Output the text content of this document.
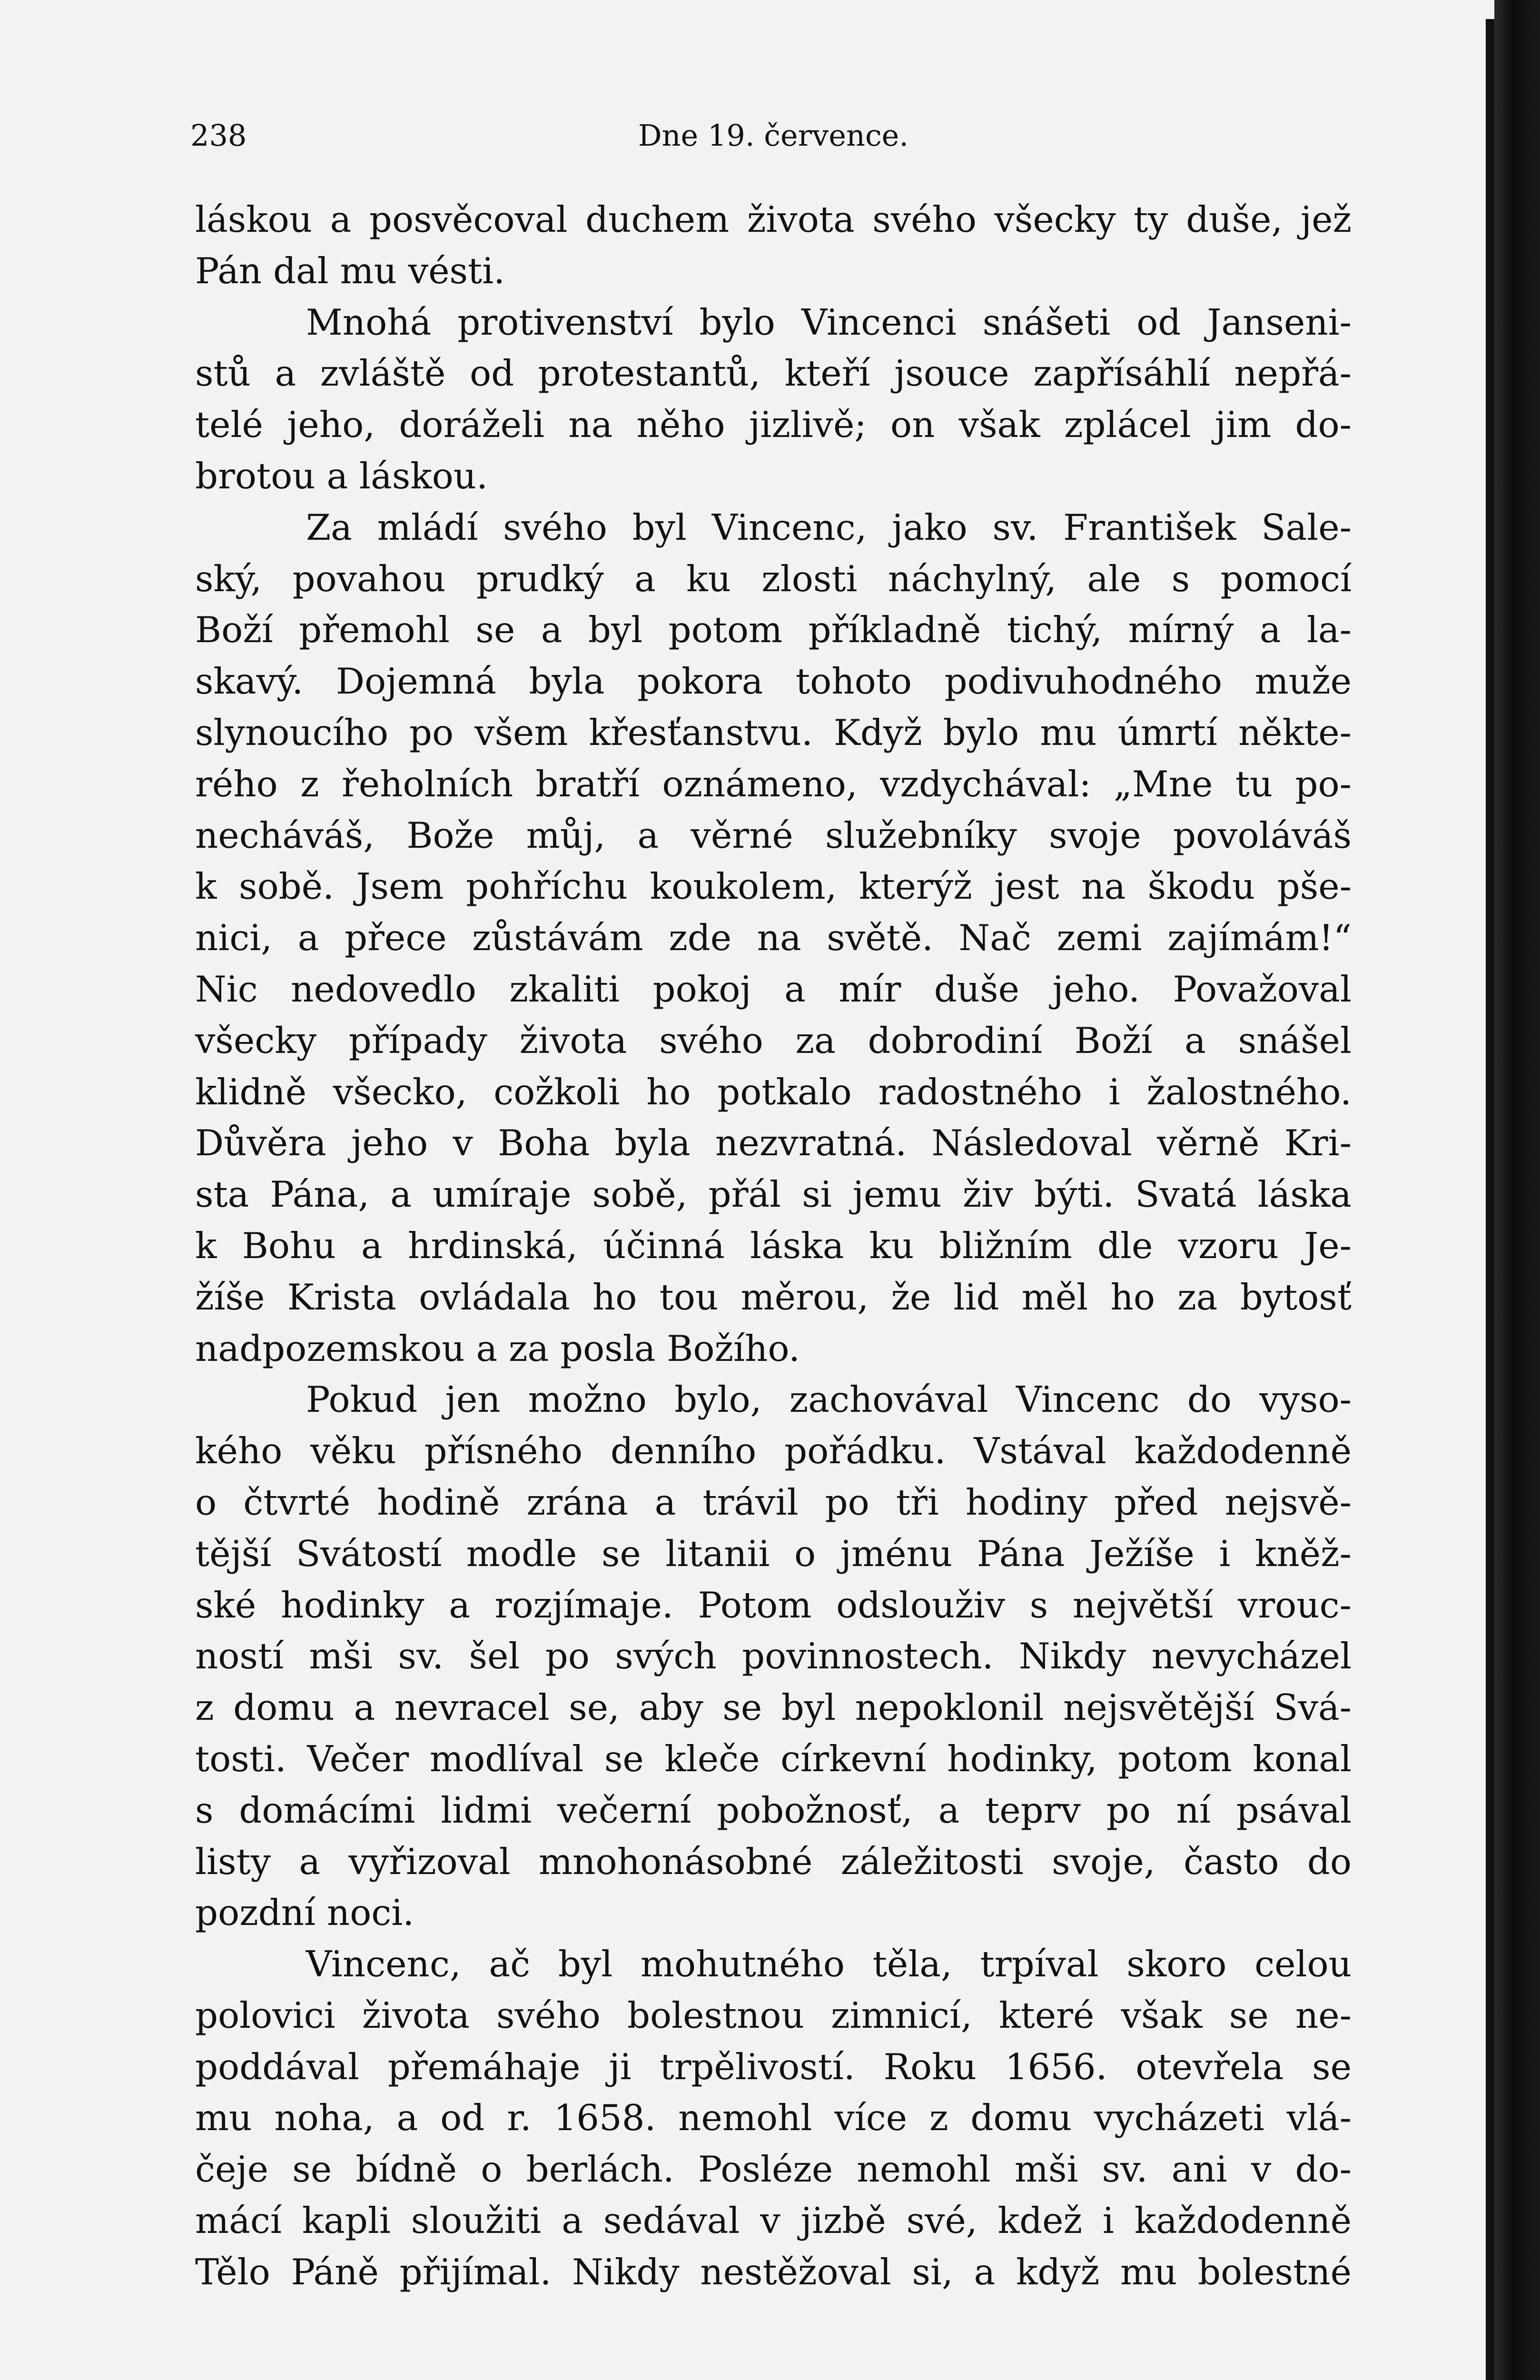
238	Dne 19. července.
láskou a posvěcoval duchem života svého všecky ty duše, jež
Pán dal mu vésti.
Mnohá protivenství bylo Vincenci snášeti od Janseni-
stů a zvláště od protestantů, kteří jsouce zapřísáhlí nepřá-
telé jeho, doráželi na něho jizlivě; on však zplácel jim do-
brotou a láskou.
Za mládí svého byl Vincenc, jako sv. František Sale-
ský, povahou prudký a ku zlosti náchylný, ale s pomocí
Boží přemohl se a byl potom příkladně tichý, mírný a la-
skavý. Dojemná byla pokora tohoto podivuhodného muže
slynoucího po všem křesťanstvu. Když bylo mu úmrtí někte-
rého z řeholních bratří oznámeno, vzdychával: „Mne tu po-
necháváš, Bože můj, a věrné služebníky svoje povoláváš
k sobě. Jsem pohříchu koukolem, kterýž jest na škodu pše-
nici, a přece zůstávám zde na světě. Nač zemi zajímám!“
Nic nedovedlo zkaliti pokoj a mír duše jeho. Považoval
všecky případy života svého za dobrodiní Boží a snášel
klidně všecko, cožkoli ho potkalo radostného i žalostného.
Důvěra jeho v Boha byla nezvratná. Následoval věrně Kri-
sta Pána, a umíraje sobě, přál si jemu živ býti. Svatá láska
k Bohu a hrdinská, účinná láska ku bližním dle vzoru Je-
žíše Krista ovládala ho tou měrou, že lid měl ho za bytosť
nadpozemskou a za posla Božího.
Pokud jen možno bylo, zachovával Vincenc do vyso-
kého věku přísného denního pořádku. Vstával každodenně
o čtvrté hodině zrána a trávil po tři hodiny před nejsvě-
tější Svátostí modle se litanii o jménu Pána Ježíše i kněž-
ské hodinky a rozjímaje. Potom odslouživ s největší vrouc-
ností mši sv. šel po svých povinnostech. Nikdy nevycházel
z domu a nevracel se, aby se byl nepoklonil nejsvětější Svá-
tosti. Večer modlíval se kleče církevní hodinky, potom konal
s domácími lidmi večerní pobožnosť, a teprv po ní psával
listy a vyřizoval mnohonásobné záležitosti svoje, často do
pozdní noci.
Vincenc, ač byl mohutného těla, trpíval skoro celou
polovici života svého bolestnou zimnicí, které však se ne-
poddával přemáhaje ji trpělivostí. Roku 1656. otevřela se
mu noha, a od r. 1658. nemohl více z domu vycházeti vlá-
čeje se bídně o berlách. Posléze nemohl mši sv. ani v do-
mácí kapli sloužiti a sedával v jizbě své, kdež i každodenně
Tělo Páně přijímal. Nikdy nestěžoval si, a když mu bolestné
